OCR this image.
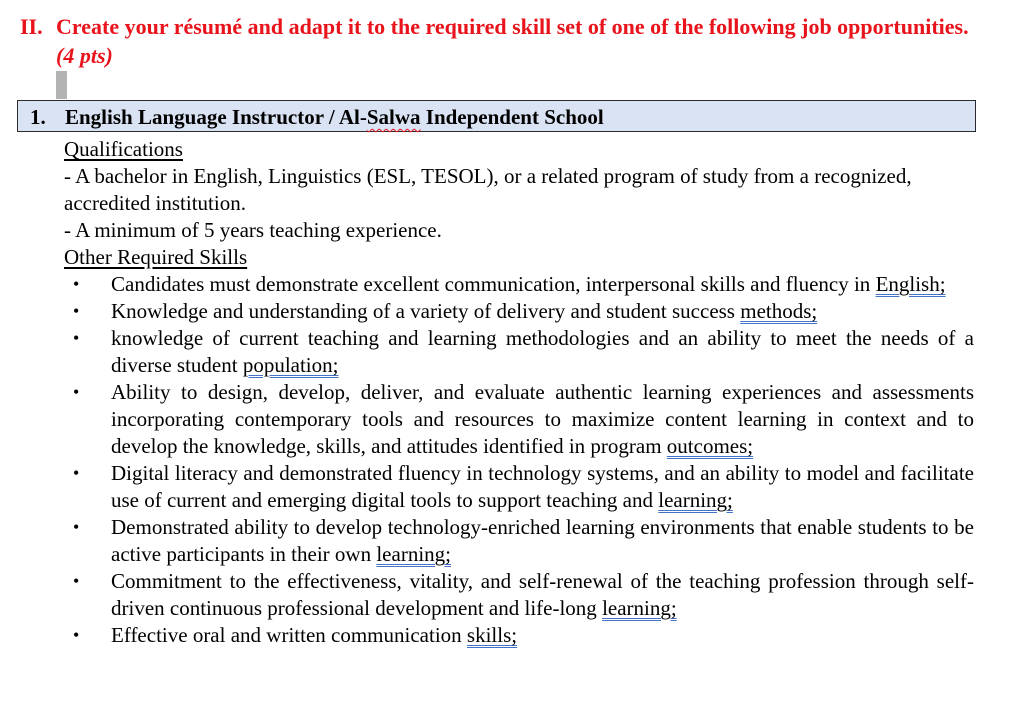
II. Create your résumé and adapt it to the required skill set of one of the following job opportunities. (4 pts)
1. English Language Instructor / Al-Salwa Independent School
Qualifications

- A bachelor in English, Linguistics (ESL, TESOL), or a related program of study from a recognized, accredited institution.

- A minimum of 5 years teaching experience.

Other Required Skills
• Candidates must demonstrate excellent communication, interpersonal skills and fluency in English;
• Knowledge and understanding of a variety of delivery and student success methods;
• knowledge of current teaching and learning methodologies and an ability to meet the needs of a diverse student population;
• Ability to design, develop, deliver, and evaluate authentic learning experiences and assessments incorporating contemporary tools and resources to maximize content learning in context and to develop the knowledge, skills, and attitudes identified in program outcomes;
• Digital literacy and demonstrated fluency in technology systems, and an ability to model and facilitate use of current and emerging digital tools to support teaching and learning;
• Demonstrated ability to develop technology-enriched learning environments that enable students to be active participants in their own learning;
• Commitment to the effectiveness, vitality, and self-renewal of the teaching profession through self-driven continuous professional development and life-long learning;
• Effective oral and written communication skills;
